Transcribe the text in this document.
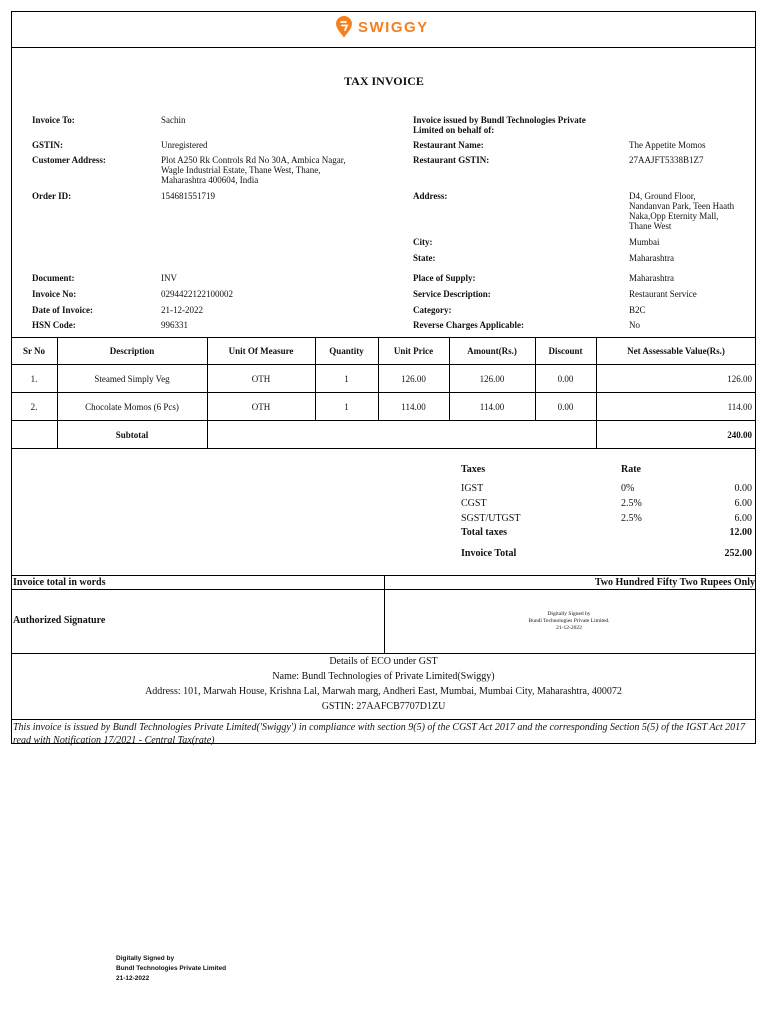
SWIGGY
TAX INVOICE
Invoice To:	Sachin
GSTIN:	Unregistered
Customer Address:	Plot A250 Rk Controls Rd No 30A, Ambica Nagar,
Wagle Industrial Estate, Thane West, Thane,
Maharashtra 400604, India
Order ID:	154681551719
Document:	INV
Invoice No:	0294422122100002
Date of Invoice:	21-12-2022
HSN Code:	996331
Invoice issued by Bundl Technologies Private
Limited on behalf of:
Restaurant Name:	The Appetite Momos
Restaurant GSTIN:	27AAJFT5338B1Z7
Address:	D4, Ground Floor,
Nandanvan Park, Teen Haath
Naka,Opp Eternity Mall,
Thane West
City:	Mumbai
State:	Maharashtra
Place of Supply:	Maharashtra
Service Description:	Restaurant Service
Category:	B2C
Reverse Charges Applicable:	No
Sr No	Description	Unit Of Measure	Quantity	Unit Price	Amount(Rs.)	Discount	Net Assessable Value(Rs.)
1.	Steamed Simply Veg	OTH	1	126.00	126.00	0.00	126.00
2.	Chocolate Momos (6 Pcs)	OTH	1	114.00	114.00	0.00	114.00
Subtotal	240.00
Taxes	Rate
IGST	0%	0.00
CGST	2.5%	6.00
SGST/UTGST	2.5%	6.00
Total taxes	12.00
Invoice Total	252.00
Invoice total in words	Two Hundred Fifty Two Rupees Only
Authorized Signature
Digitally Signed by
Bundl Technologies Private Limited.
21-12-2022
Details of ECO under GST
Name: Bundl Technologies of Private Limited(Swiggy)
Address: 101, Marwah House, Krishna Lal, Marwah marg, Andheri East, Mumbai, Mumbai City, Maharashtra, 400072
GSTIN: 27AAFCB7707D1ZU
This invoice is issued by Bundl Technologies Private Limited('Swiggy') in compliance with section 9(5) of the CGST Act 2017 and the corresponding Section 5(5) of the IGST Act 2017 read with Notification 17/2021 - Central Tax(rate)
Digitally Signed by
Bundl Technologies Private Limited
21-12-2022
